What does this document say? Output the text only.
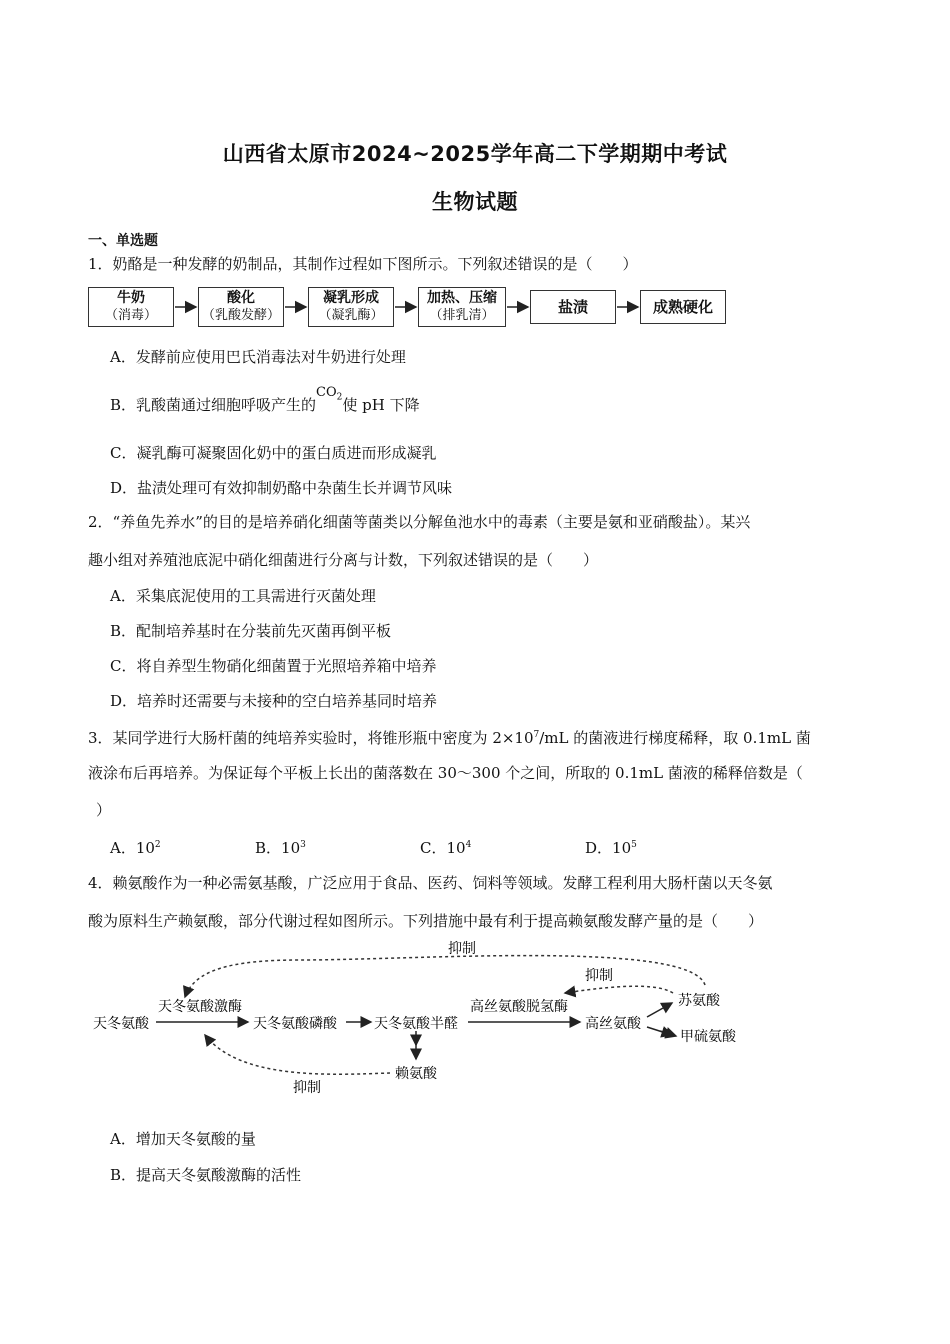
山西省太原市2024~2025学年高二下学期期中考试
生物试题
一、单选题
1．奶酪是一种发酵的奶制品，其制作过程如下图所示。下列叙述错误的是（　　）
牛奶
（消毒）
酸化
（乳酸发酵）
凝乳形成
（凝乳酶）
加热、压缩
（排乳清）	盐渍	成熟硬化
A．发酵前应使用巴氏消毒法对牛奶进行处理
B．乳酸菌通过细胞呼吸产生的$CO_2$使 pH 下降
C．凝乳酶可凝聚固化奶中的蛋白质进而形成凝乳
D．盐渍处理可有效抑制奶酪中杂菌生长并调节风味
2．“养鱼先养水”的目的是培养硝化细菌等菌类以分解鱼池水中的毒素（主要是氨和亚硝酸盐）。某兴
趣小组对养殖池底泥中硝化细菌进行分离与计数，下列叙述错误的是（　　）
A．采集底泥使用的工具需进行灭菌处理
B．配制培养基时在分装前先灭菌再倒平板
C．将自养型生物硝化细菌置于光照培养箱中培养
D．培养时还需要与未接种的空白培养基同时培养
3．某同学进行大肠杆菌的纯培养实验时，将锥形瓶中密度为 $2\times 10^7/mL$ 的菌液进行梯度稀释，取 0.1mL 菌
液涂布后再培养。为保证每个平板上长出的菌落数在 30～300 个之间，所取的 0.1mL 菌液的稀释倍数是（
）
A．$10^2$	B．$10^3$	C．$10^4$	D．$10^5$
4．赖氨酸作为一种必需氨基酸，广泛应用于食品、医药、饲料等领域。发酵工程利用大肠杆菌以天冬氨
酸为原料生产赖氨酸，部分代谢过程如图所示。下列措施中最有利于提高赖氨酸发酵产量的是（　　）
抑制
抑制
抑制
天冬氨酸
天冬氨酸激酶
天冬氨酸磷酸	天冬氨酸半醛
高丝氨酸脱氢酶
高丝氨酸
苏氨酸
甲硫氨酸
赖氨酸
A．增加天冬氨酸的量
B．提高天冬氨酸激酶的活性
